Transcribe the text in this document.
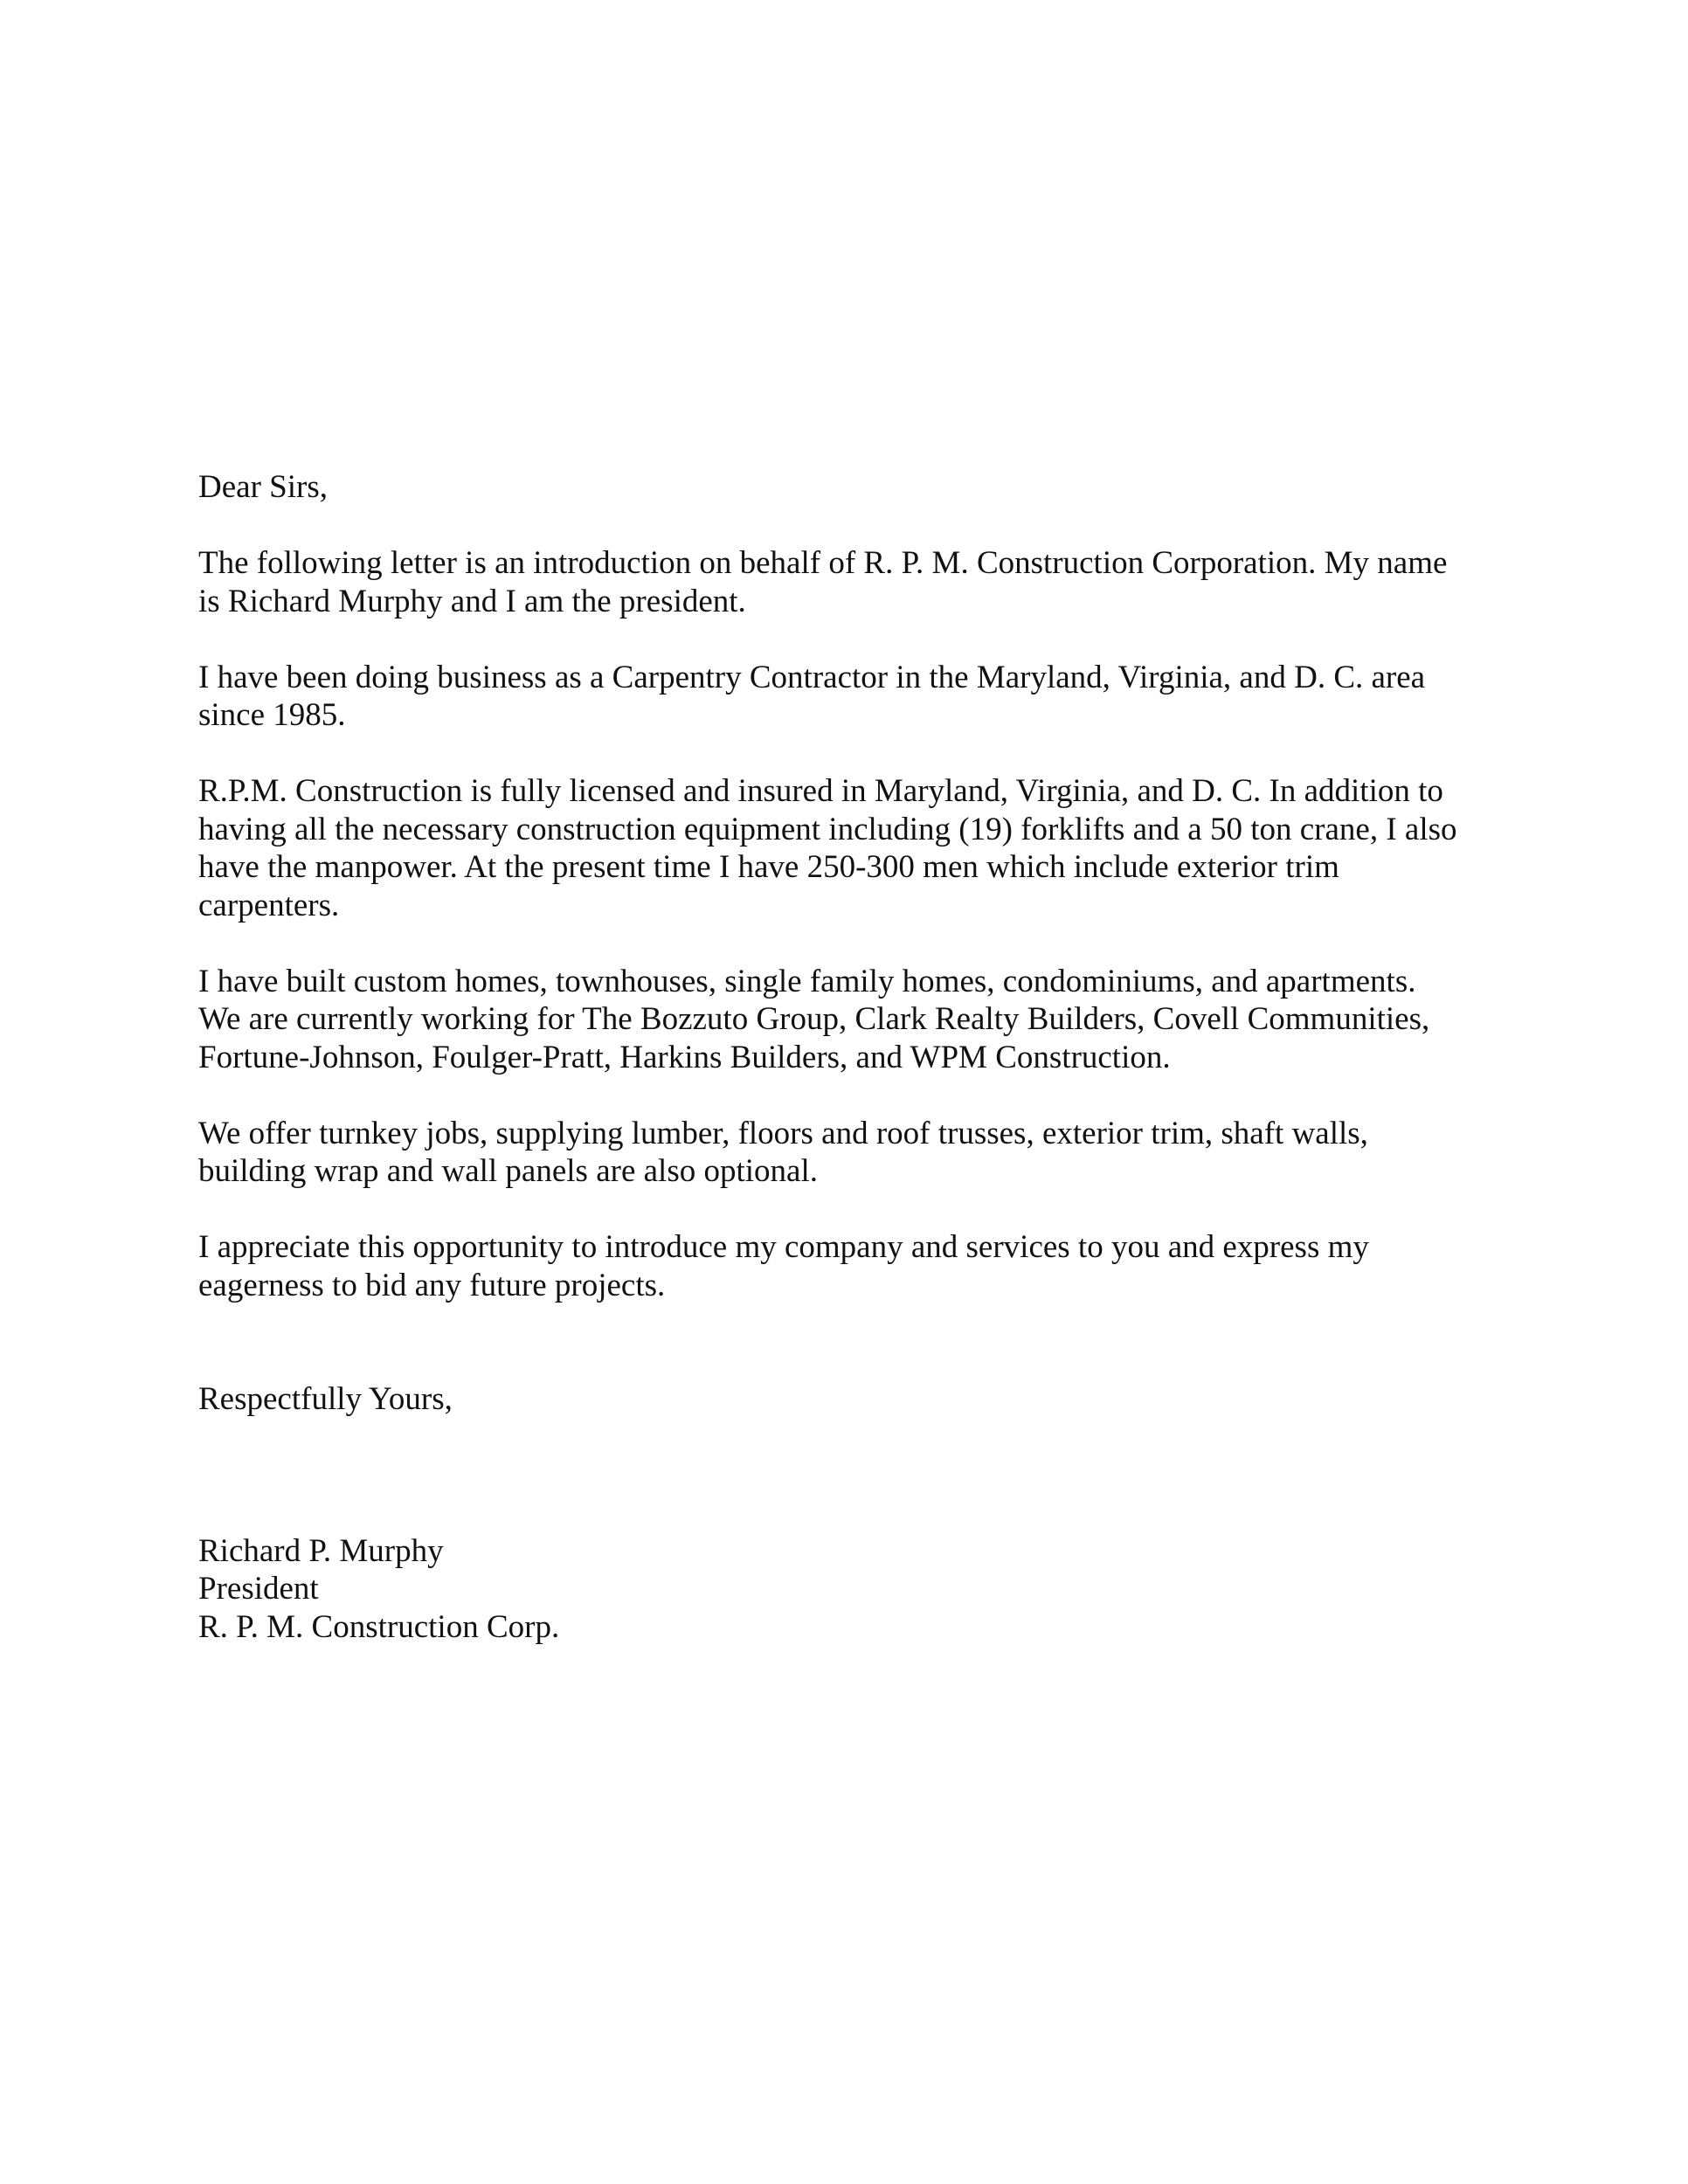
Dear Sirs,

The following letter is an introduction on behalf of R. P. M. Construction Corporation. My name
is Richard Murphy and I am the president.

I have been doing business as a Carpentry Contractor in the Maryland, Virginia, and D. C. area
since 1985.

R.P.M. Construction is fully licensed and insured in Maryland, Virginia, and D. C. In addition to
having all the necessary construction equipment including (19) forklifts and a 50 ton crane, I also
have the manpower. At the present time I have 250-300 men which include exterior trim
carpenters.

I have built custom homes, townhouses, single family homes, condominiums, and apartments.
We are currently working for The Bozzuto Group, Clark Realty Builders, Covell Communities,
Fortune-Johnson, Foulger-Pratt, Harkins Builders, and WPM Construction.

We offer turnkey jobs, supplying lumber, floors and roof trusses, exterior trim, shaft walls,
building wrap and wall panels are also optional.

I appreciate this opportunity to introduce my company and services to you and express my
eagerness to bid any future projects.

Respectfully Yours,

Richard P. Murphy
President
R. P. M. Construction Corp.
